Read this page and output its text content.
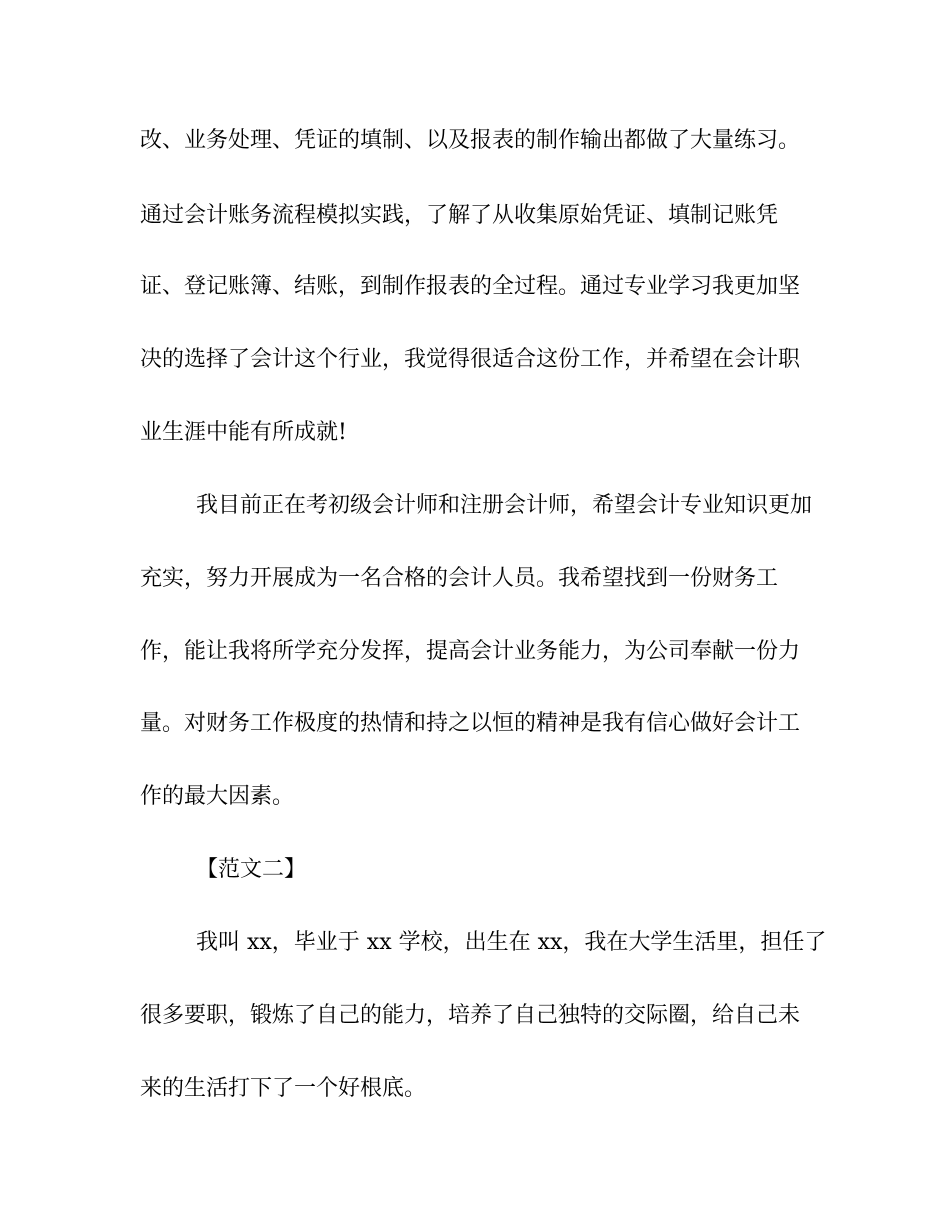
改、业务处理、凭证的填制、以及报表的制作输出都做了大量练习。
通过会计账务流程模拟实践，了解了从收集原始凭证、填制记账凭
证、登记账簿、结账，到制作报表的全过程。通过专业学习我更加坚
决的选择了会计这个行业，我觉得很适合这份工作，并希望在会计职
业生涯中能有所成就!
我目前正在考初级会计师和注册会计师，希望会计专业知识更加
充实，努力开展成为一名合格的会计人员。我希望找到一份财务工
作，能让我将所学充分发挥，提高会计业务能力，为公司奉献一份力
量。对财务工作极度的热情和持之以恒的精神是我有信心做好会计工
作的最大因素。
【范文二】
我叫 xx，毕业于 xx 学校，出生在 xx，我在大学生活里，担任了
很多要职，锻炼了自己的能力，培养了自己独特的交际圈，给自己未
来的生活打下了一个好根底。
